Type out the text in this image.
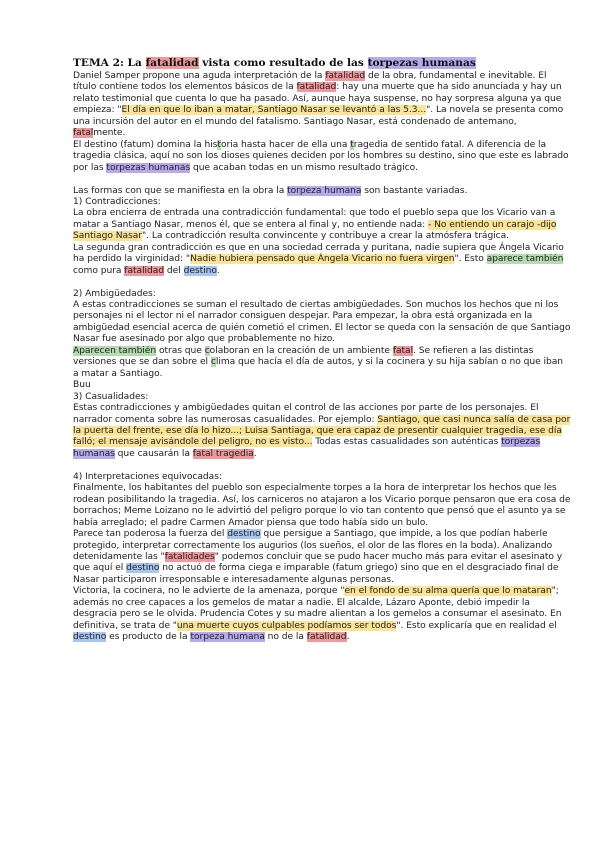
TEMA 2: La fatalidad vista como resultado de las torpezas humanas

Daniel Samper propone una aguda interpretación de la fatalidad de la obra, fundamental e inevitable. El título contiene todos los elementos básicos de la fatalidad: hay una muerte que ha sido anunciada y hay un relato testimonial que cuenta lo que ha pasado. Así, aunque haya suspense, no hay sorpresa alguna ya que empieza: "El día en que lo iban a matar, Santiago Nasar se levantó a las 5.3...". La novela se presenta como una incursión del autor en el mundo del fatalismo. Santiago Nasar, está condenado de antemano, fatalmente.

El destino (fatum) domina la historia hasta hacer de ella una tragedia de sentido fatal. A diferencia de la tragedia clásica, aquí no son los dioses quienes deciden por los hombres su destino, sino que este es labrado por las torpezas humanas que acaban todas en un mismo resultado trágico.

Las formas con que se manifiesta en la obra la torpeza humana son bastante variadas.

1) Contradicciones:

La obra encierra de entrada una contradicción fundamental: que todo el pueblo sepa que los Vicario van a matar a Santiago Nasar, menos él, que se entera al final y, no entiende nada: - No entiendo un carajo -dijo Santiago Nasar". La contradicción resulta convincente y contribuye a crear la atmósfera trágica.

La segunda gran contradicción es que en una sociedad cerrada y puritana, nadie supiera que Ángela Vicario ha perdido la virginidad: "Nadie hubiera pensado que Ángela Vicario no fuera virgen". Esto aparece también como pura fatalidad del destino.

2) Ambigüedades:

A estas contradicciones se suman el resultado de ciertas ambigüedades. Son muchos los hechos que ni los personajes ni el lector ni el narrador consiguen despejar. Para empezar, la obra está organizada en la ambigüedad esencial acerca de quién cometió el crimen. El lector se queda con la sensación de que Santiago Nasar fue asesinado por algo que probablemente no hizo.

Aparecen también otras que colaboran en la creación de un ambiente fatal. Se refieren a las distintas versiones que se dan sobre el clima que hacía el día de autos, y si la cocinera y su hija sabían o no que iban a matar a Santiago.

Buu

3) Casualidades:

Estas contradicciones y ambigüedades quitan el control de las acciones por parte de los personajes. El narrador comenta sobre las numerosas casualidades. Por ejemplo: Santiago, que casi nunca salía de casa por la puerta del frente, ese día lo hizo...; Luisa Santiaga, que era capaz de presentir cualquier tragedia, ese día falló; el mensaje avisándole del peligro, no es visto... Todas estas casualidades son auténticas torpezas humanas que causarán la fatal tragedia.

4) Interpretaciones equivocadas:

Finalmente, los habitantes del pueblo son especialmente torpes a la hora de interpretar los hechos que les rodean posibilitando la tragedia. Así, los carniceros no atajaron a los Vicario porque pensaron que era cosa de borrachos; Meme Loizano no le advirtió del peligro porque lo vio tan contento que pensó que el asunto ya se había arreglado; el padre Carmen Amador piensa que todo había sido un bulo.

Parece tan poderosa la fuerza del destino que persigue a Santiago, que impide, a los que podían haberle protegido, interpretar correctamente los augurios (los sueños, el olor de las flores en la boda). Analizando detenidamente las "fatalidades" podemos concluir que se pudo hacer mucho más para evitar el asesinato y que aquí el destino no actuó de forma ciega e imparable (fatum griego) sino que en el desgraciado final de Nasar participaron irresponsable e interesadamente algunas personas.

Victoria, la cocinera, no le advierte de la amenaza, porque "en el fondo de su alma quería que lo mataran"; además no cree capaces a los gemelos de matar a nadie. El alcalde, Lázaro Aponte, debió impedir la desgracia pero se le olvida. Prudencia Cotes y su madre alientan a los gemelos a consumar el asesinato. En definitiva, se trata de "una muerte cuyos culpables podíamos ser todos". Esto explicaría que en realidad el destino es producto de la torpeza humana no de la fatalidad.
